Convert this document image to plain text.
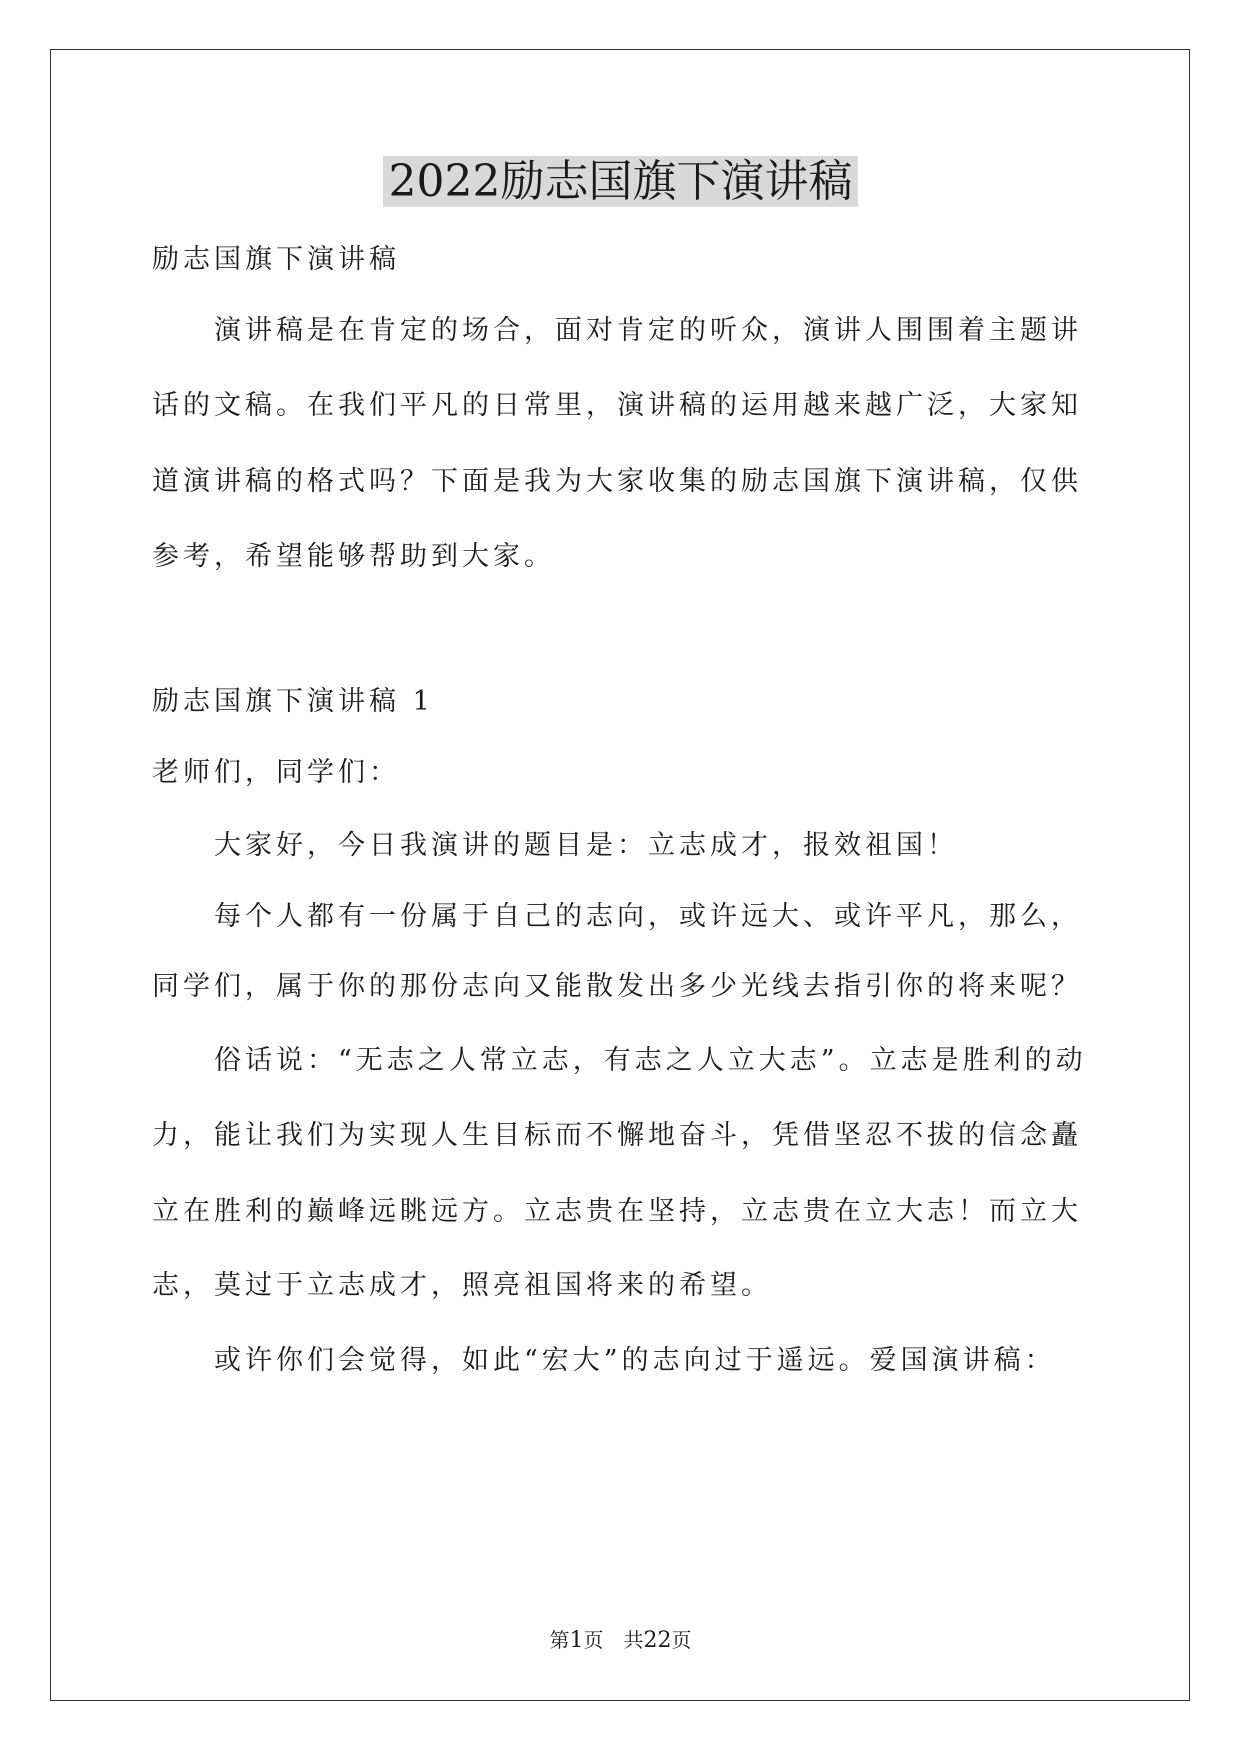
2022励志国旗下演讲稿
励志国旗下演讲稿
演讲稿是在肯定的场合，面对肯定的听众，演讲人围围着主题讲
话的文稿。在我们平凡的日常里，演讲稿的运用越来越广泛，大家知
道演讲稿的格式吗？下面是我为大家收集的励志国旗下演讲稿，仅供
参考，希望能够帮助到大家。
励志国旗下演讲稿 1
老师们，同学们：
大家好，今日我演讲的题目是：立志成才，报效祖国！
每个人都有一份属于自己的志向，或许远大、或许平凡，那么，
同学们，属于你的那份志向又能散发出多少光线去指引你的将来呢？
俗话说：“无志之人常立志，有志之人立大志”。立志是胜利的动
力，能让我们为实现人生目标而不懈地奋斗，凭借坚忍不拔的信念矗
立在胜利的巅峰远眺远方。立志贵在坚持，立志贵在立大志！而立大
志，莫过于立志成才，照亮祖国将来的希望。
或许你们会觉得，如此“宏大”的志向过于遥远。爱国演讲稿：
第1页　共22页
